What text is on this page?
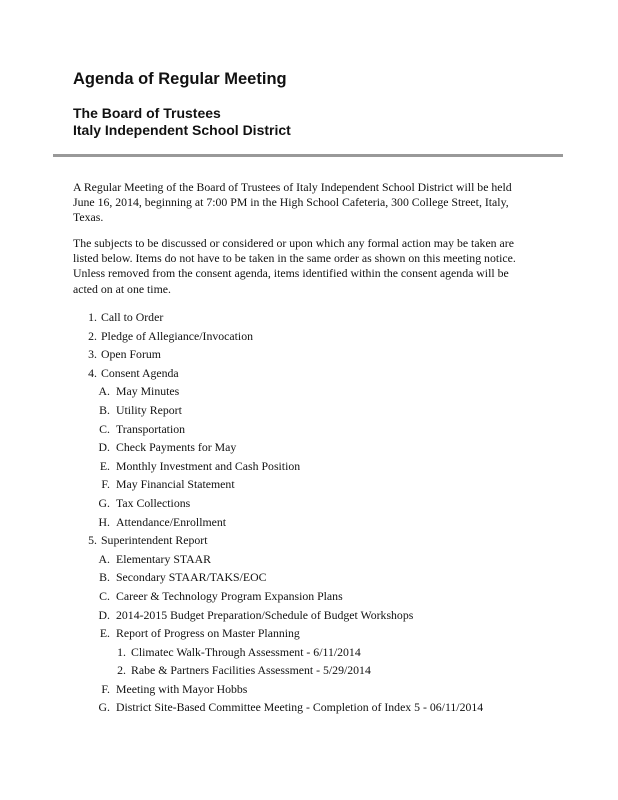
Agenda of Regular Meeting
The Board of Trustees
Italy Independent School District

A Regular Meeting of the Board of Trustees of Italy Independent School District will be held
June 16, 2014, beginning at 7:00 PM in the High School Cafeteria, 300 College Street, Italy,
Texas.

The subjects to be discussed or considered or upon which any formal action may be taken are
listed below. Items do not have to be taken in the same order as shown on this meeting notice.
Unless removed from the consent agenda, items identified within the consent agenda will be
acted on at one time.

1. Call to Order
2. Pledge of Allegiance/Invocation
3. Open Forum
4. Consent Agenda
A. May Minutes
B. Utility Report
C. Transportation
D. Check Payments for May
E. Monthly Investment and Cash Position
F. May Financial Statement
G. Tax Collections
H. Attendance/Enrollment
5. Superintendent Report
A. Elementary STAAR
B. Secondary STAAR/TAKS/EOC
C. Career & Technology Program Expansion Plans
D. 2014-2015 Budget Preparation/Schedule of Budget Workshops
E. Report of Progress on Master Planning
1. Climatec Walk-Through Assessment - 6/11/2014
2. Rabe & Partners Facilities Assessment - 5/29/2014
F. Meeting with Mayor Hobbs
G. District Site-Based Committee Meeting - Completion of Index 5 - 06/11/2014
